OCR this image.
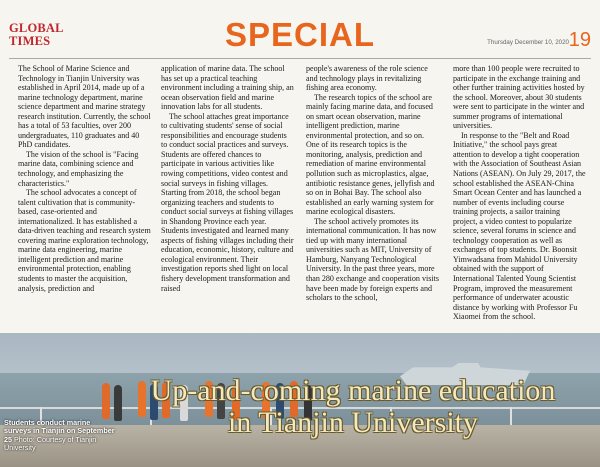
GLOBAL
TIMES	SPECIAL	Thursday December 10, 2020 19

The School of Marine Science and Technology in Tianjin University was established in April 2014, made up of a marine technology department, marine science department and marine strategy research institution. Currently, the school has a total of 53 faculties, over 200 undergraduates, 110 graduates and 40 PhD candidates.

The vision of the school is "Facing marine data, combining science and technology, and emphasizing the characteristics."

The school advocates a concept of talent cultivation that is community-based, case-oriented and internationalized. It has established a data-driven teaching and research system covering marine exploration technology, marine data engineering, marine intelligent prediction and marine environmental protection, enabling students to master the acquisition, analysis, prediction and

application of marine data. The school has set up a practical teaching environment including a training ship, an ocean observation field and marine innovation labs for all students.

The school attaches great importance to cultivating students' sense of social responsibilities and encourage students to conduct social practices and surveys. Students are offered chances to participate in various activities like rowing competitions, video contest and social surveys in fishing villages. Starting from 2018, the school began organizing teachers and students to conduct social surveys at fishing villages in Shandong Province each year. Students investigated and learned many aspects of fishing villages including their education, economic, history, culture and ecological environment. Their investigation reports shed light on local fishery development transformation and raised

people's awareness of the role science and technology plays in revitalizing fishing area economy.

The research topics of the school are mainly facing marine data, and focused on smart ocean observation, marine intelligent prediction, marine environmental protection, and so on. One of its research topics is the monitoring, analysis, prediction and remediation of marine environmental pollution such as microplastics, algae, antibiotic resistance genes, jellyfish and so on in Bohai Bay. The school also established an early warning system for marine ecological disasters.

The school actively promotes its international communication. It has now tied up with many international universities such as MIT, University of Hamburg, Nanyang Technological University. In the past three years, more than 280 exchange and cooperation visits have been made by foreign experts and scholars to the school,

more than 100 people were recruited to participate in the exchange training and other further training activities hosted by the school. Moreover, about 30 students were sent to participate in the winter and summer programs of international universities.

In response to the "Belt and Road Initiative," the school pays great attention to develop a tight cooperation with the Association of Southeast Asian Nations (ASEAN). On July 29, 2017, the school established the ASEAN-China Smart Ocean Center and has launched a number of events including course training projects, a sailor training project, a video contest to popularize science, several forums in science and technology cooperation as well as exchanges of top students. Dr. Boonsit Yimwadsana from Mahidol University obtained with the support of International Talented Young Scientist Program, improved the measurement performance of underwater acoustic distance by working with Professor Fu Xiaomei from the school.

Students conduct marine surveys in Tianjin on September 25 Photo: Courtesy of Tianjin University
Up-and-coming marine education
in Tianjin University
